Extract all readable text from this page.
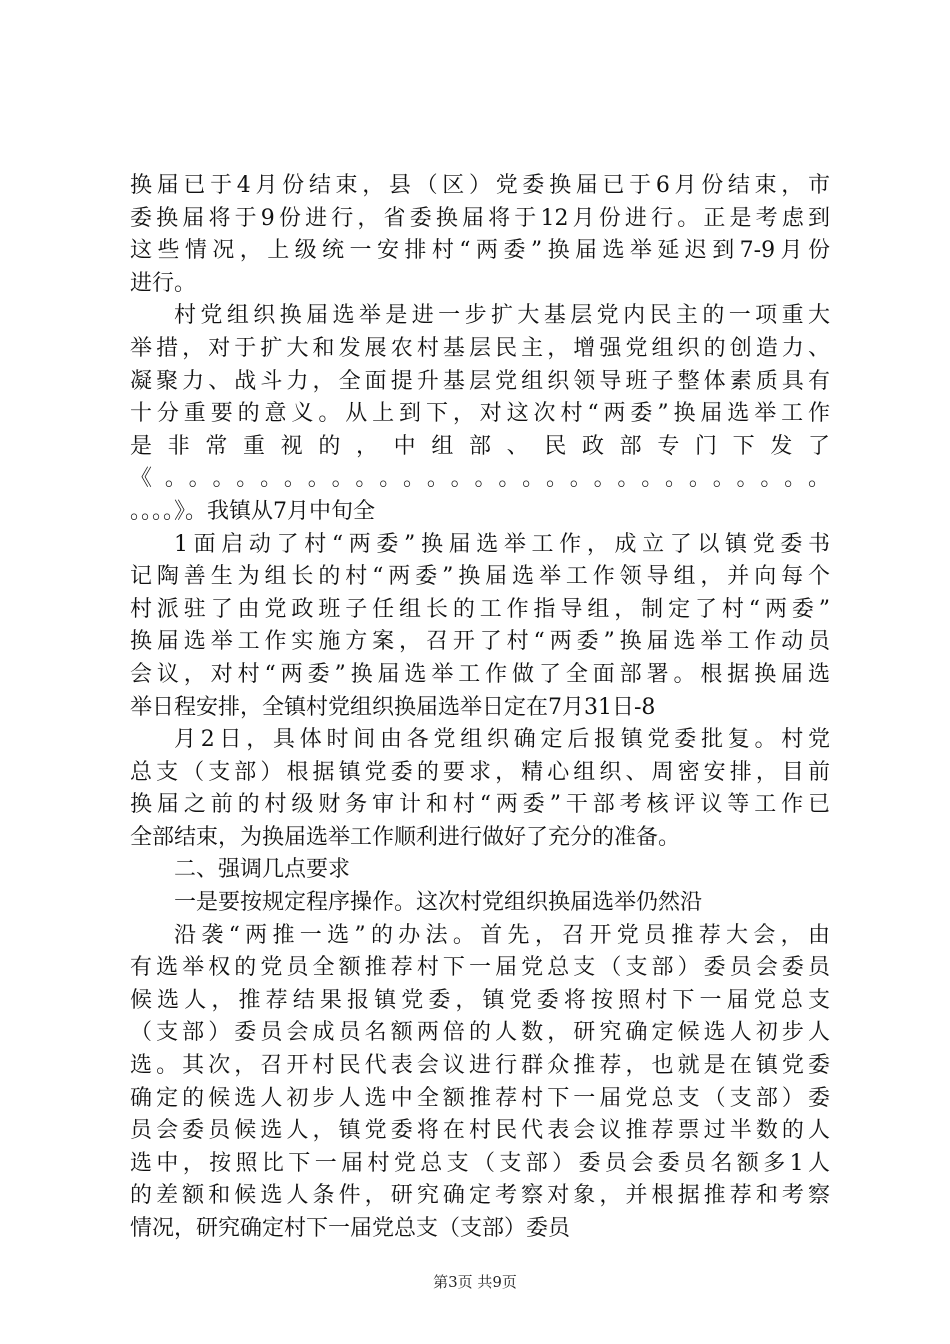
换届已于4月份结束，县（区）党委换届已于6月份结束，市
委换届将于9份进行，省委换届将于12月份进行。正是考虑到
这些情况，上级统一安排村“两委”换届选举延迟到7-9月份
进行。
村党组织换届选举是进一步扩大基层党内民主的一项重大
举措，对于扩大和发展农村基层民主，增强党组织的创造力、
凝聚力、战斗力，全面提升基层党组织领导班子整体素质具有
十分重要的意义。从上到下，对这次村“两委”换届选举工作
是非常重视的，中组部、民政部专门下发了
《。。。。。。。。。。。。。。。。。。。。。。。。。。。。
。。。。》。我镇从7月中旬全
1面启动了村“两委”换届选举工作，成立了以镇党委书
记陶善生为组长的村“两委”换届选举工作领导组，并向每个
村派驻了由党政班子任组长的工作指导组，制定了村“两委”
换届选举工作实施方案，召开了村“两委”换届选举工作动员
会议，对村“两委”换届选举工作做了全面部署。根据换届选
举日程安排，全镇村党组织换届选举日定在7月31日-8
月2日，具体时间由各党组织确定后报镇党委批复。村党
总支（支部）根据镇党委的要求，精心组织、周密安排，目前
换届之前的村级财务审计和村“两委”干部考核评议等工作已
全部结束，为换届选举工作顺利进行做好了充分的准备。
二、强调几点要求
一是要按规定程序操作。这次村党组织换届选举仍然沿
沿袭“两推一选”的办法。首先，召开党员推荐大会，由
有选举权的党员全额推荐村下一届党总支（支部）委员会委员
候选人，推荐结果报镇党委，镇党委将按照村下一届党总支
（支部）委员会成员名额两倍的人数，研究确定候选人初步人
选。其次，召开村民代表会议进行群众推荐，也就是在镇党委
确定的候选人初步人选中全额推荐村下一届党总支（支部）委
员会委员候选人，镇党委将在村民代表会议推荐票过半数的人
选中，按照比下一届村党总支（支部）委员会委员名额多1人
的差额和候选人条件，研究确定考察对象，并根据推荐和考察
情况，研究确定村下一届党总支（支部）委员
第3页 共9页
